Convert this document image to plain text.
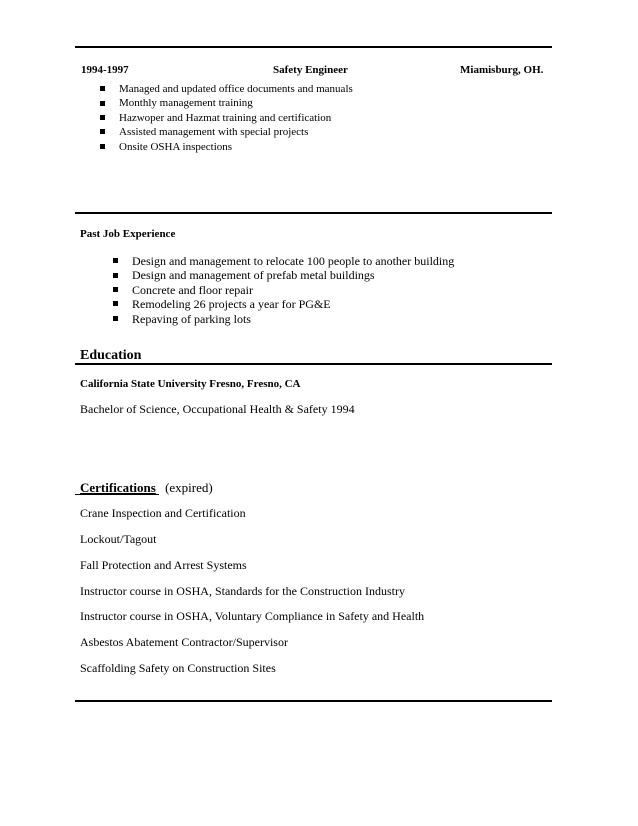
1994-1997	Safety Engineer	Miamisburg, OH.
Managed and updated office documents and manuals
Monthly management training
Hazwoper and Hazmat training and certification
Assisted management with special projects
Onsite OSHA inspections
Past Job Experience
Design and management to relocate 100 people to another building
Design and management of prefab metal buildings
Concrete and floor repair
Remodeling 26 projects a year for PG&E
Repaving of parking lots
Education
California State University Fresno, Fresno, CA
Bachelor of Science, Occupational Health & Safety 1994
Certifications (expired)
Crane Inspection and Certification
Lockout/Tagout
Fall Protection and Arrest Systems
Instructor course in OSHA, Standards for the Construction Industry
Instructor course in OSHA, Voluntary Compliance in Safety and Health
Asbestos Abatement Contractor/Supervisor
Scaffolding Safety on Construction Sites
